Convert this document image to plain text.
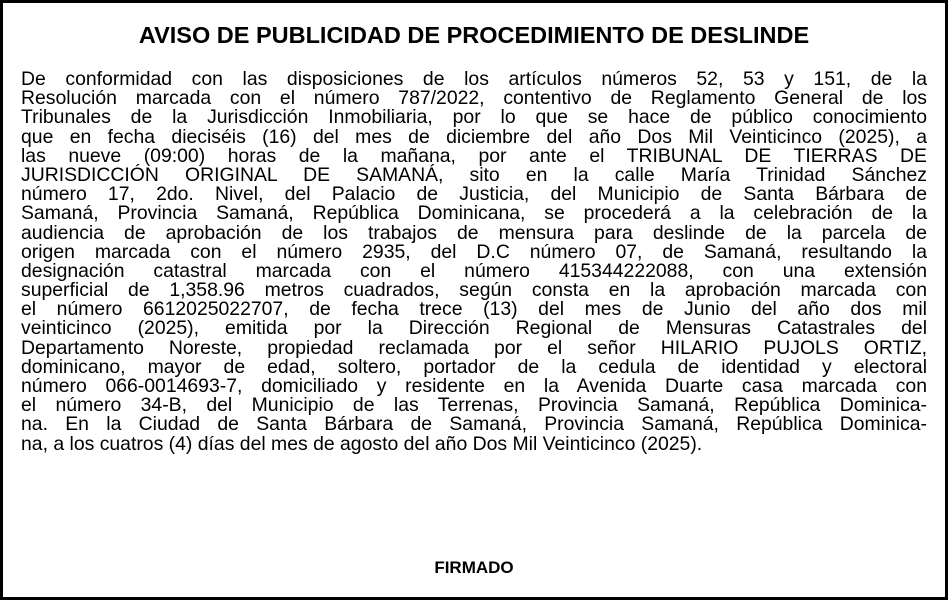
AVISO DE PUBLICIDAD DE PROCEDIMIENTO DE DESLINDE
De conformidad con las disposiciones de los artículos números 52, 53 y 151, de la
Resolución marcada con el número 787/2022, contentivo de Reglamento General de los
Tribunales de la Jurisdicción Inmobiliaria, por lo que se hace de público conocimiento
que en fecha dieciséis (16) del mes de diciembre del año Dos Mil Veinticinco (2025), a
las nueve (09:00) horas de la mañana, por ante el TRIBUNAL DE TIERRAS DE
JURISDICCIÓN ORIGINAL DE SAMANÁ, sito en la calle María Trinidad Sánchez
número 17, 2do. Nivel, del Palacio de Justicia, del Municipio de Santa Bárbara de
Samaná, Provincia Samaná, República Dominicana, se procederá a la celebración de la
audiencia de aprobación de los trabajos de mensura para deslinde de la parcela de
origen marcada con el número 2935, del D.C número 07, de Samaná, resultando la
designación catastral marcada con el número 415344222088, con una extensión
superficial de 1,358.96 metros cuadrados, según consta en la aprobación marcada con
el número 6612025022707, de fecha trece (13) del mes de Junio del año dos mil
veinticinco (2025), emitida por la Dirección Regional de Mensuras Catastrales del
Departamento Noreste, propiedad reclamada por el señor HILARIO PUJOLS ORTIZ,
dominicano, mayor de edad, soltero, portador de la cedula de identidad y electoral
número 066-0014693-7, domiciliado y residente en la Avenida Duarte casa marcada con
el número 34-B, del Municipio de las Terrenas, Provincia Samaná, República Dominica-
na. En la Ciudad de Santa Bárbara de Samaná, Provincia Samaná, República Dominica-
na, a los cuatros (4) días del mes de agosto del año Dos Mil Veinticinco (2025).
FIRMADO
